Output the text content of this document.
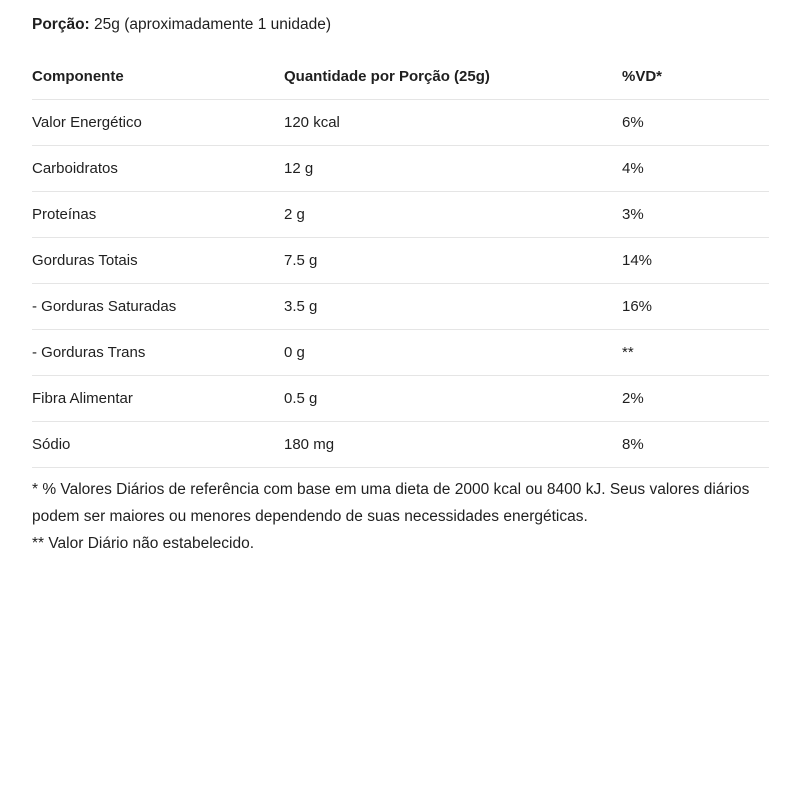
Porção: 25g (aproximadamente 1 unidade)
Componente	Quantidade por Porção (25g)	%VD*
Valor Energético	120 kcal	6%
Carboidratos	12 g	4%
Proteínas	2 g	3%
Gorduras Totais	7.5 g	14%
- Gorduras Saturadas	3.5 g	16%
- Gorduras Trans	0 g	**
Fibra Alimentar	0.5 g	2%
Sódio	180 mg	8%

* % Valores Diários de referência com base em uma dieta de 2000 kcal ou 8400 kJ. Seus valores diários podem ser maiores ou menores dependendo de suas necessidades energéticas.

** Valor Diário não estabelecido.
